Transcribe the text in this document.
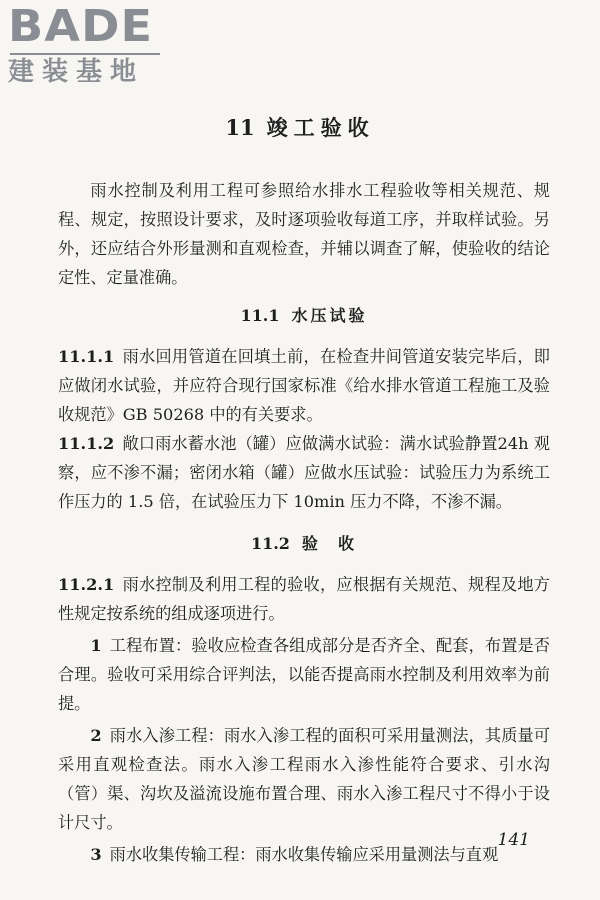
BADE
建装基地
11 竣工验收

雨水控制及利用工程可参照给水排水工程验收等相关规范、规程、规定，按照设计要求，及时逐项验收每道工序，并取样试验。另外，还应结合外形量测和直观检查，并辅以调查了解，使验收的结论定性、定量准确。

11.1 水压试验

11.1.1 雨水回用管道在回填土前，在检查井间管道安装完毕后，即应做闭水试验，并应符合现行国家标准《给水排水管道工程施工及验收规范》GB 50268 中的有关要求。

11.1.2 敞口雨水蓄水池（罐）应做满水试验：满水试验静置24h 观察，应不渗不漏；密闭水箱（罐）应做水压试验：试验压力为系统工作压力的 1.5 倍，在试验压力下 10min 压力不降，不渗不漏。

11.2 验  收

11.2.1 雨水控制及利用工程的验收，应根据有关规范、规程及地方性规定按系统的组成逐项进行。

1 工程布置：验收应检查各组成部分是否齐全、配套，布置是否合理。验收可采用综合评判法，以能否提高雨水控制及利用效率为前提。

2 雨水入渗工程：雨水入渗工程的面积可采用量测法，其质量可采用直观检查法。雨水入渗工程雨水入渗性能符合要求、引水沟（管）渠、沟坎及溢流设施布置合理、雨水入渗工程尺寸不得小于设计尺寸。

3 雨水收集传输工程：雨水收集传输应采用量测法与直观

141
